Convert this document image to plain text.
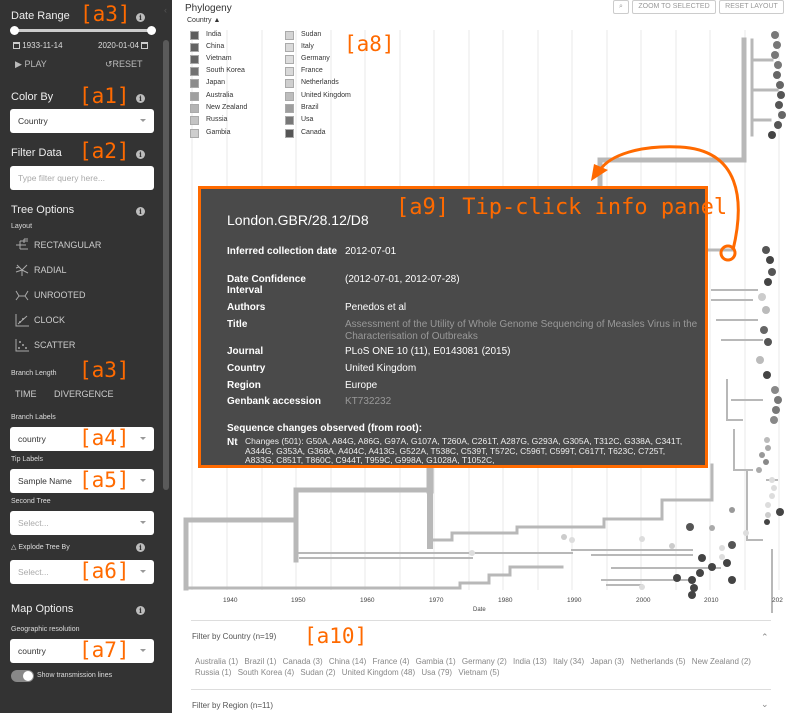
‹
Date Range	i
1933-11-14	2020-01-04
▶ PLAY	↺RESET
Color By	i
Country
Filter Data	i
Type filter query here...
Tree Options	i
Layout
RECTANGULAR
RADIAL
UNROOTED
CLOCK
SCATTER
Branch Length
TIME DIVERGENCE
Branch Labels
country
Tip Labels
Sample Name
Second Tree
Select...
△ Explode Tree By	i
Select...
Map Options	i
Geographic resolution
country
Show transmission lines
Phylogeny
Country ▲
India
China
Vietnam
South Korea
Japan
Australia
New Zealand
Russia
Gambia
Sudan
Italy
Germany
France
Netherlands
United Kingdom
Brazil
Usa
Canada
⌕	ZOOM TO SELECTED	RESET LAYOUT
1940	1950	1960	1970	1980	1990	2000	2010	202
Date
Filter by Country (n=19)	⌃
Australia (1) Brazil (1) Canada (3) China (14) France (4) Gambia (1) Germany (2) India (13) Italy (34) Japan (3) Netherlands (5) New Zealand (2) Russia (1) South Korea (4) Sudan (2) United Kingdom (48) Usa (79) Vietnam (5)
Filter by Region (n=11)	⌄
London.GBR/28.12/D8
Inferred collection date 2012-07-01
Date Confidence Interval
(2012-07-01, 2012-07-28)
Authors	Penedos et al
Title	Assessment of the Utility of Whole Genome Sequencing of Measles Virus in the Characterisation of Outbreaks
Journal	PLoS ONE 10 (11), E0143081 (2015)
Country	United Kingdom
Region	Europe
Genbank accession	KT732232
Sequence changes observed (from root):
Nt Changes (501): G50A, A84G, A86G, G97A, G107A, T260A, C261T, A287G, G293A, G305A, T312C, G338A, C341T, A344G, G353A, G368A, A404C, A413G, G522A, T538C, C539T, T572C, C596T, C599T, C617T, T623C, C725T, A833G, C851T, T860C, C944T, T959C, G998A, G1028A, T1052C,
[a3]
[a1]
[a2]
[a3]
[a4]
[a5]
[a6]
[a7]
[a8]
[a9] Tip-click info panel
[a10]
